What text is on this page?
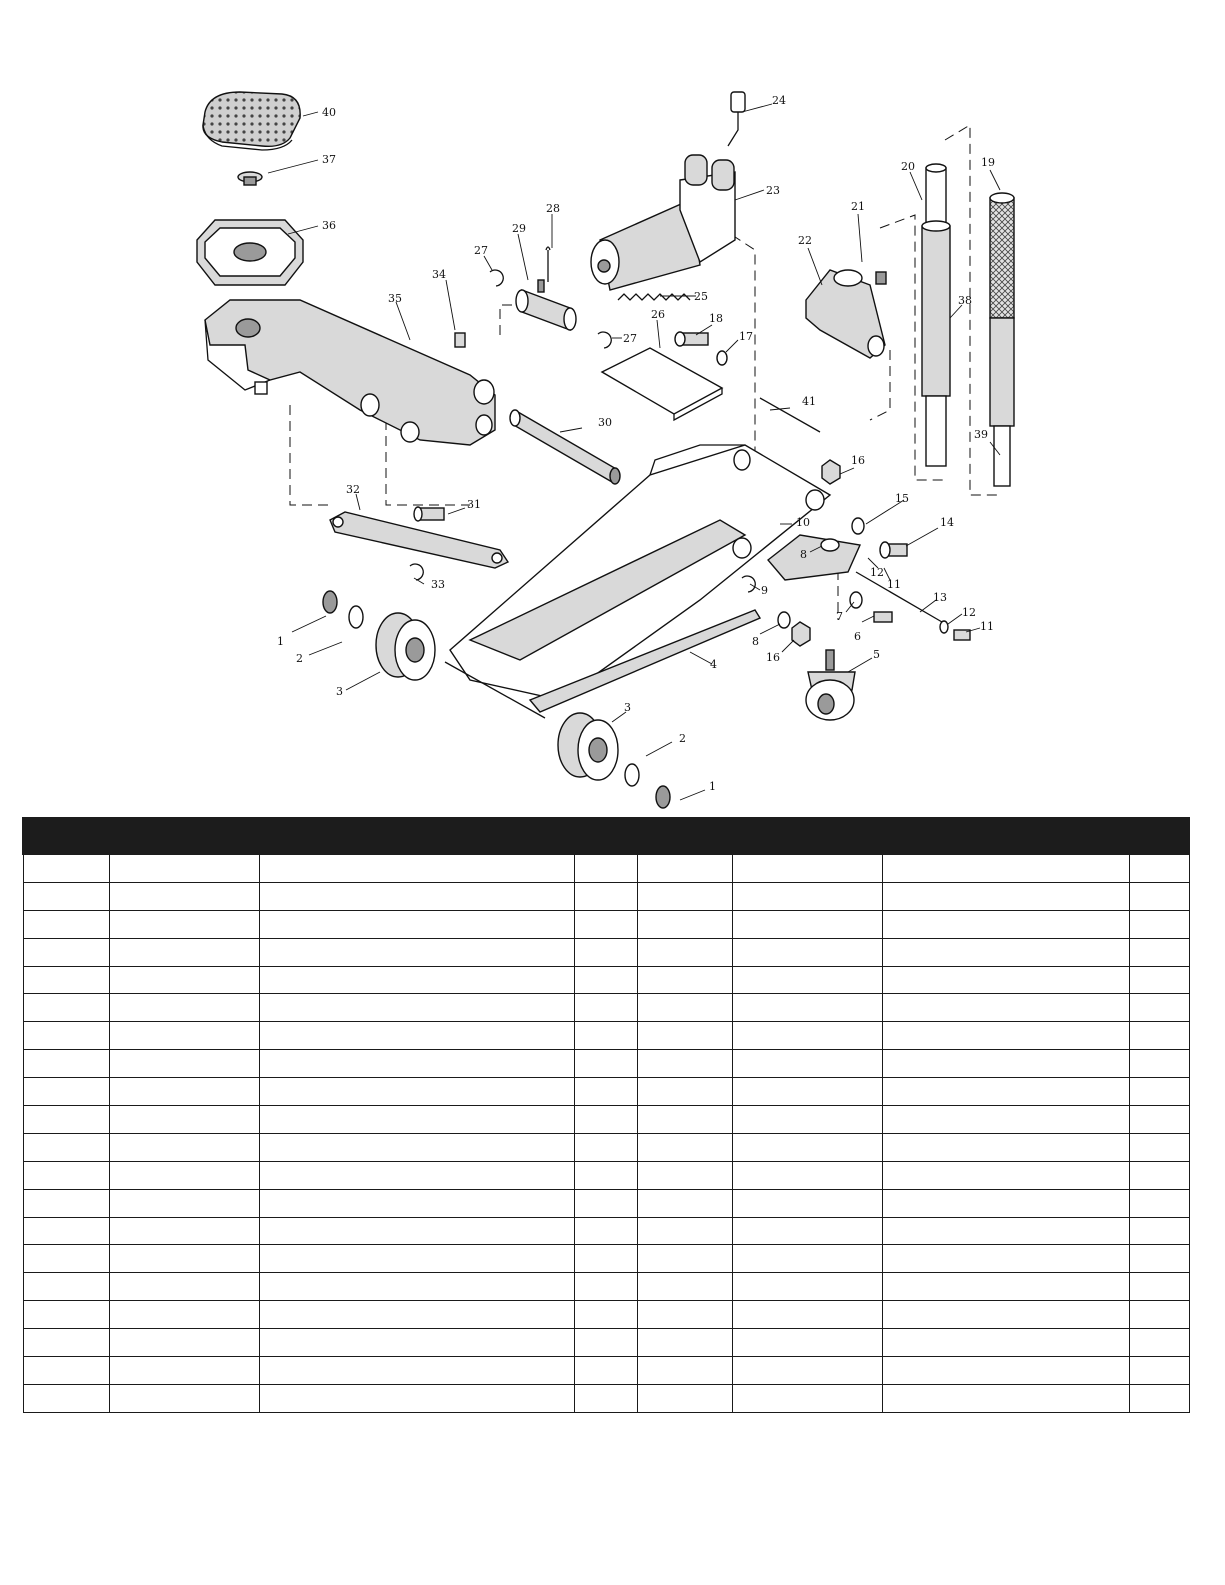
40
37
36
34
35
27
29
28
27
26
25
18
17
24
23
22
21
20	19
38
39
41
16
30
31
32
33
1
2
3
3
2
1
4
5
6
7
8
16
9
8
10
15
14
12
11
13
12
11
